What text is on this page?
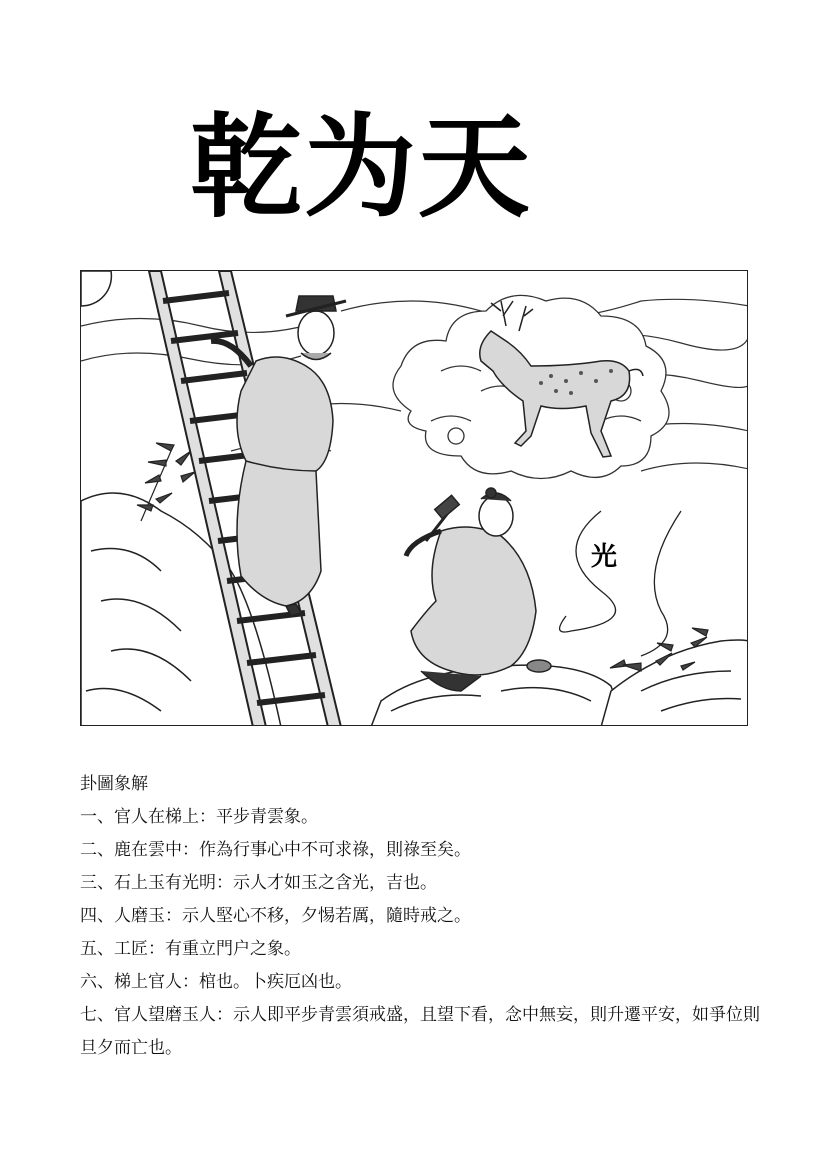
乾为天
光
卦圖象解
一、官人在梯上：平步青雲象。
二、鹿在雲中：作為行事心中不可求祿，則祿至矣。
三、石上玉有光明：示人才如玉之含光，吉也。
四、人磨玉：示人堅心不移，夕惕若厲，隨時戒之。
五、工匠：有重立門户之象。
六、梯上官人：棺也。卜疾厄凶也。
七、官人望磨玉人：示人即平步青雲須戒盛，且望下看，念中無妄，則升遷平安，如爭位則旦夕而亡也。
